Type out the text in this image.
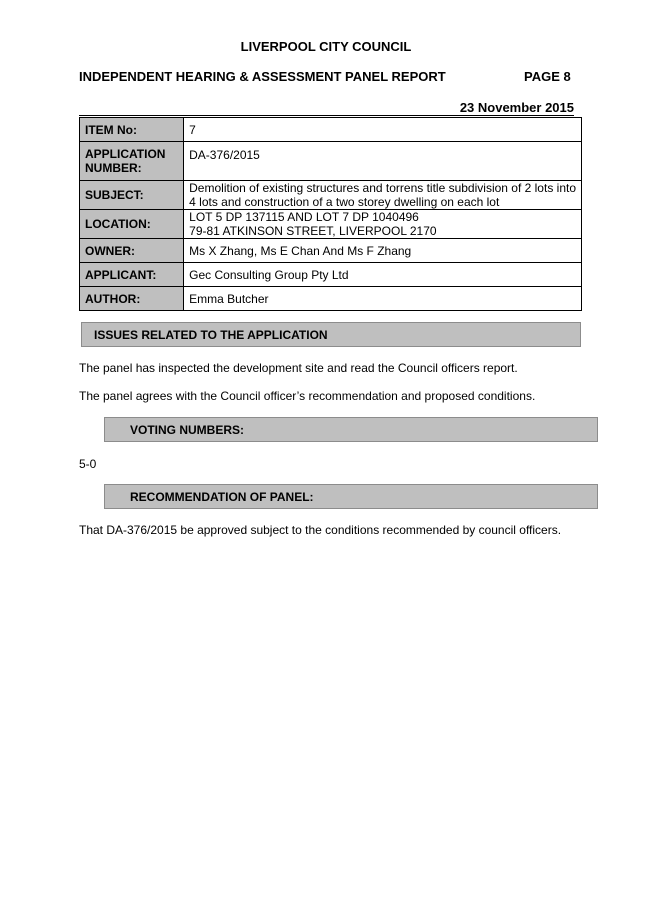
LIVERPOOL CITY COUNCIL
INDEPENDENT HEARING & ASSESSMENT PANEL REPORT	PAGE 8
23 November 2015
ITEM No:	7
APPLICATION
NUMBER:	DA-376/2015
SUBJECT:	Demolition of existing structures and torrens title subdivision of 2 lots into
4 lots and construction of a two storey dwelling on each lot
LOCATION:	LOT 5 DP 137115 AND LOT 7 DP 1040496
79-81 ATKINSON STREET, LIVERPOOL 2170
OWNER:	Ms X Zhang, Ms E Chan And Ms F Zhang
APPLICANT:	Gec Consulting Group Pty Ltd
AUTHOR:	Emma Butcher
ISSUES RELATED TO THE APPLICATION
The panel has inspected the development site and read the Council officers report.
The panel agrees with the Council officer’s recommendation and proposed conditions.
VOTING NUMBERS:
5-0
RECOMMENDATION OF PANEL:
That DA-376/2015 be approved subject to the conditions recommended by council officers.
